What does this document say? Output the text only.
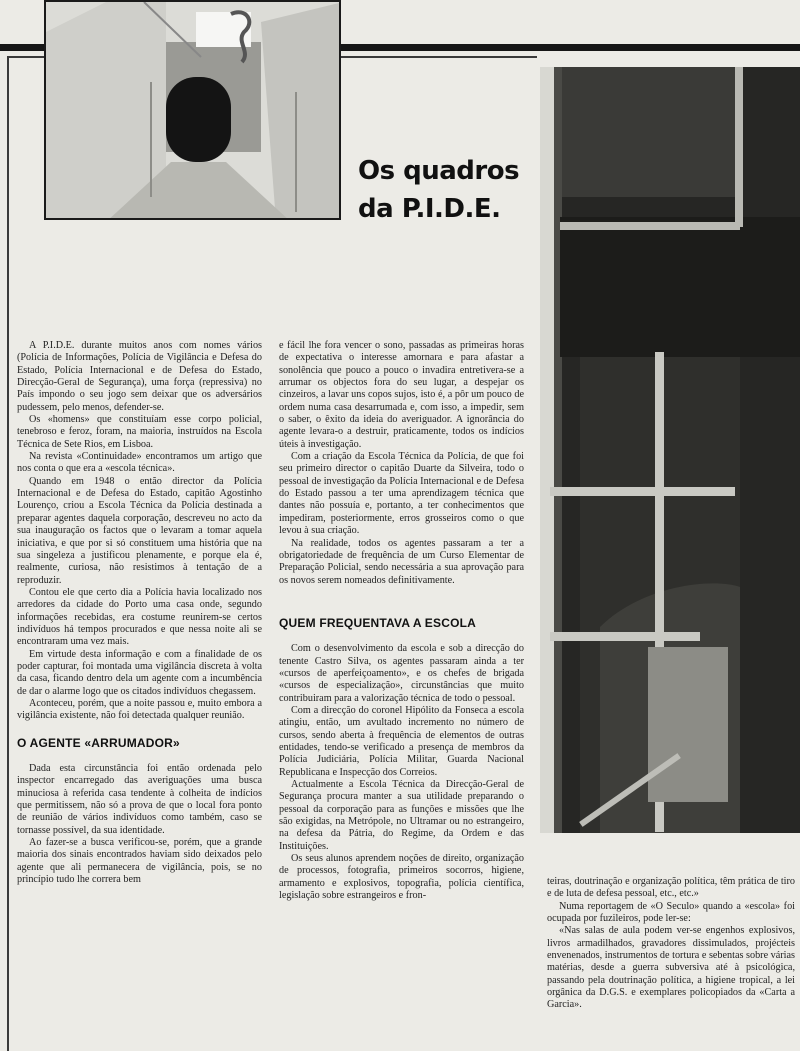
Os quadros
da P.I.D.E.

A P.I.D.E. durante muitos anos com nomes vários (Polícia de Informações, Polícia de Vigilância e Defesa do Estado, Polícia Internacional e de Defesa do Estado, Direcção-Geral de Segurança), uma força (repressiva) no País impondo o seu jogo sem deixar que os adversários pudessem, pelo menos, defender-se.

Os «homens» que constituíam esse corpo policial, tenebroso e feroz, foram, na maioria, instruídos na Escola Técnica de Sete Rios, em Lisboa.

Na revista «Continuidade» encontramos um artigo que nos conta o que era a «escola técnica».

Quando em 1948 o então director da Polícia Internacional e de Defesa do Estado, capitão Agostinho Lourenço, criou a Escola Técnica da Polícia destinada a preparar agentes daquela corporação, descreveu no acto da sua inauguração os factos que o levaram a tomar aquela iniciativa, e que por si só constituem uma história que na sua singeleza a justificou plenamente, e porque ela é, realmente, curiosa, não resistimos à tentação de a reproduzir.

Contou ele que certo dia a Polícia havia localizado nos arredores da cidade do Porto uma casa onde, segundo informações recebidas, era costume reunirem-se certos indivíduos há tempos procurados e que nessa noite ali se encontraram uma vez mais.

Em virtude desta informação e com a finalidade de os poder capturar, foi montada uma vigilância discreta à volta da casa, ficando dentro dela um agente com a incumbência de dar o alarme logo que os citados indivíduos chegassem.

Aconteceu, porém, que a noite passou e, muito embora a vigilância existente, não foi detectada qualquer reunião.

O AGENTE «ARRUMADOR»

Dada esta circunstância foi então ordenada pelo inspector encarregado das averiguações uma busca minuciosa à referida casa tendente à colheita de indícios que permitissem, não só a prova de que o local fora ponto de reunião de vários indivíduos como também, caso se tornasse possível, da sua identidade.

Ao fazer-se a busca verificou-se, porém, que a grande maioria dos sinais encontrados haviam sido deixados pelo agente que ali permanecera de vigilância, pois, se no princípio tudo lhe correra bem

e fácil lhe fora vencer o sono, passadas as primeiras horas de expectativa o interesse amornara e para afastar a sonolência que pouco a pouco o invadira entretivera-se a arrumar os objectos fora do seu lugar, a despejar os cinzeiros, a lavar uns copos sujos, isto é, a pôr um pouco de ordem numa casa desarrumada e, com isso, a impedir, sem o saber, o êxito da ideia do averiguador. A ignorância do agente levara-o a destruir, praticamente, todos os indícios úteis à investigação.

Com a criação da Escola Técnica da Polícia, de que foi seu primeiro director o capitão Duarte da Silveira, todo o pessoal de investigação da Polícia Internacional e de Defesa do Estado passou a ter uma aprendizagem técnica que dantes não possuía e, portanto, a ter conhecimentos que impediram, posteriormente, erros grosseiros como o que levou à sua criação.

Na realidade, todos os agentes passaram a ter a obrigatoriedade de frequência de um Curso Elementar de Preparação Policial, sendo necessária a sua aprovação para os novos serem nomeados definitivamente.

QUEM FREQUENTAVA A ESCOLA

Com o desenvolvimento da escola e sob a direcção do tenente Castro Silva, os agentes passaram ainda a ter «cursos de aperfeiçoamento», e os chefes de brigada «cursos de especialização», circunstâncias que muito contribuiram para a valorização técnica de todo o pessoal.

Com a direcção do coronel Hipólito da Fonseca a escola atingiu, então, um avultado incremento no número de cursos, sendo aberta à frequência de elementos de outras entidades, tendo-se verificado a presença de membros da Polícia Judiciária, Polícia Militar, Guarda Nacional Republicana e Inspecção dos Correios.

Actualmente a Escola Técnica da Direcção-Geral de Segurança procura manter a sua utilidade preparando o pessoal da corporação para as funções e missões que lhe são exigidas, na Metrópole, no Ultramar ou no estrangeiro, na defesa da Pátria, do Regime, da Ordem e das Instituições.

Os seus alunos aprendem noções de direito, organização de processos, fotografia, primeiros socorros, higiene, armamento e explosivos, topografia, polícia científica, legislação sobre estrangeiros e fron-

teiras, doutrinação e organização política, têm prática de tiro e de luta de defesa pessoal, etc., etc.»

Numa reportagem de «O Seculo» quando a «escola» foi ocupada por fuzileiros, pode ler-se:

«Nas salas de aula podem ver-se engenhos explosivos, livros armadilhados, gravadores dissimulados, projécteis envenenados, instrumentos de tortura e sebentas sobre várias matérias, desde a guerra subversiva até à psicológica, passando pela doutrinação política, a higiene tropical, a lei orgânica da D.G.S. e exemplares policopiados da «Carta a Garcia».
